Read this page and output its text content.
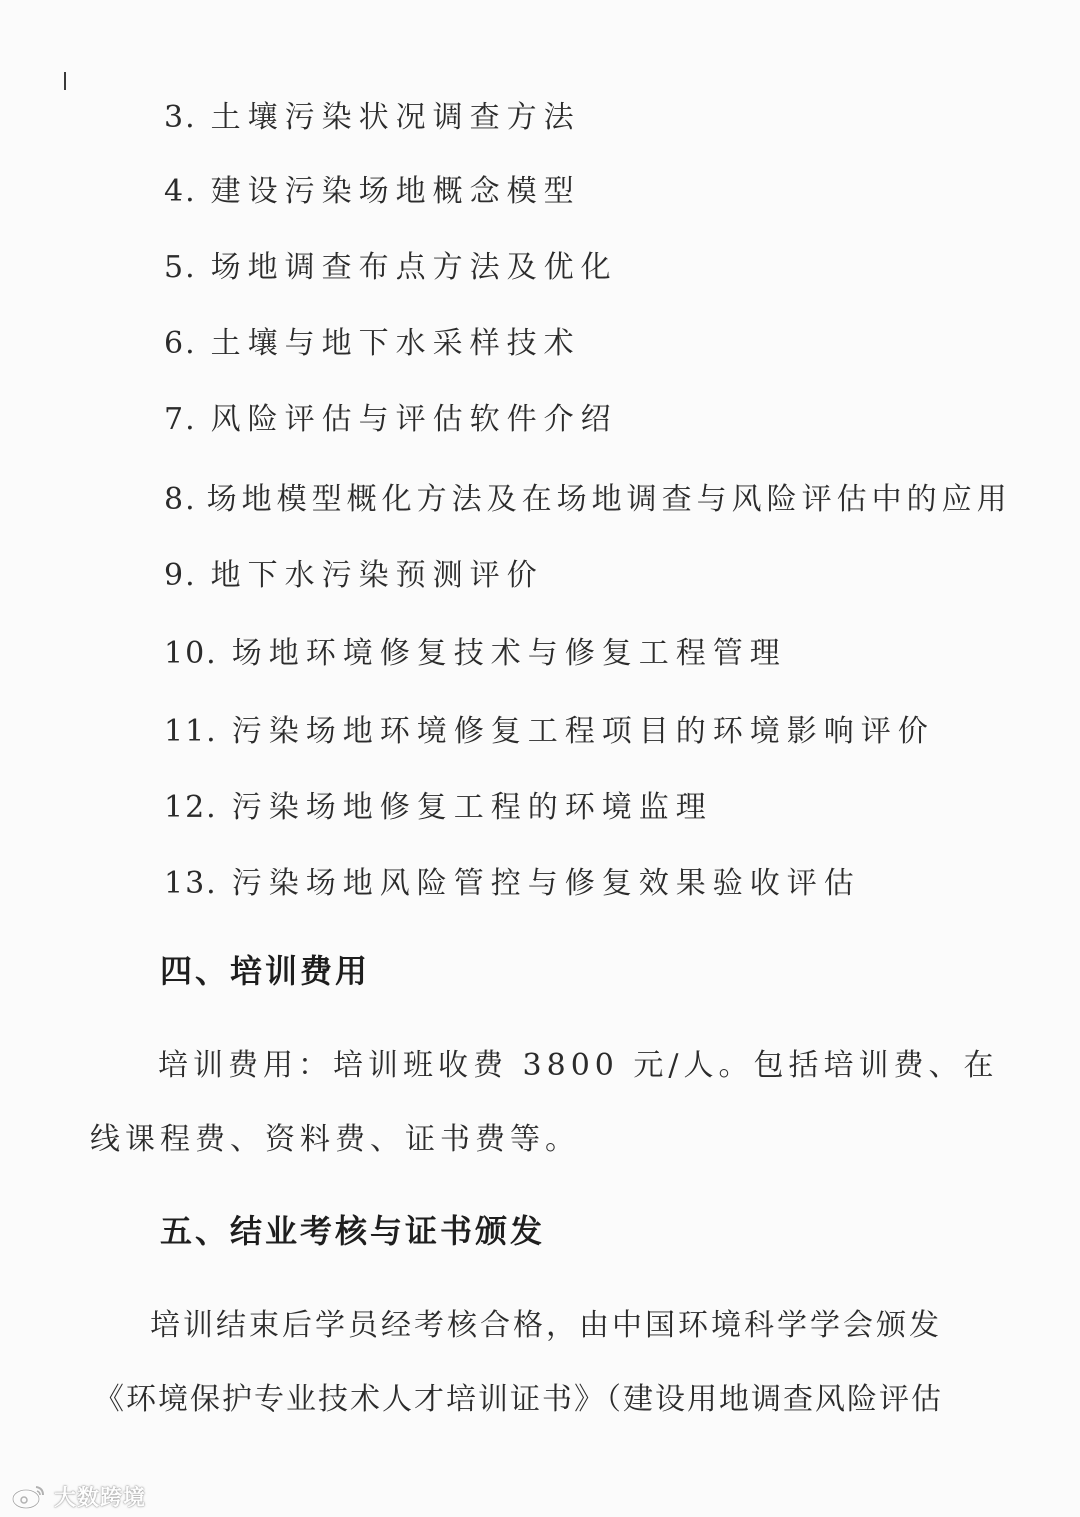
3. 土壤污染状况调查方法
4. 建设污染场地概念模型
5. 场地调查布点方法及优化
6. 土壤与地下水采样技术
7. 风险评估与评估软件介绍
8. 场地模型概化方法及在场地调查与风险评估中的应用
9. 地下水污染预测评价
10. 场地环境修复技术与修复工程管理
11. 污染场地环境修复工程项目的环境影响评价
12. 污染场地修复工程的环境监理
13. 污染场地风险管控与修复效果验收评估
四、培训费用
培训费用：培训班收费 3800 元/人。包括培训费、在
线课程费、资料费、证书费等。
五、结业考核与证书颁发
培训结束后学员经考核合格，由中国环境科学学会颁发
《环境保护专业技术人才培训证书》（建设用地调查风险评估
大数跨境
